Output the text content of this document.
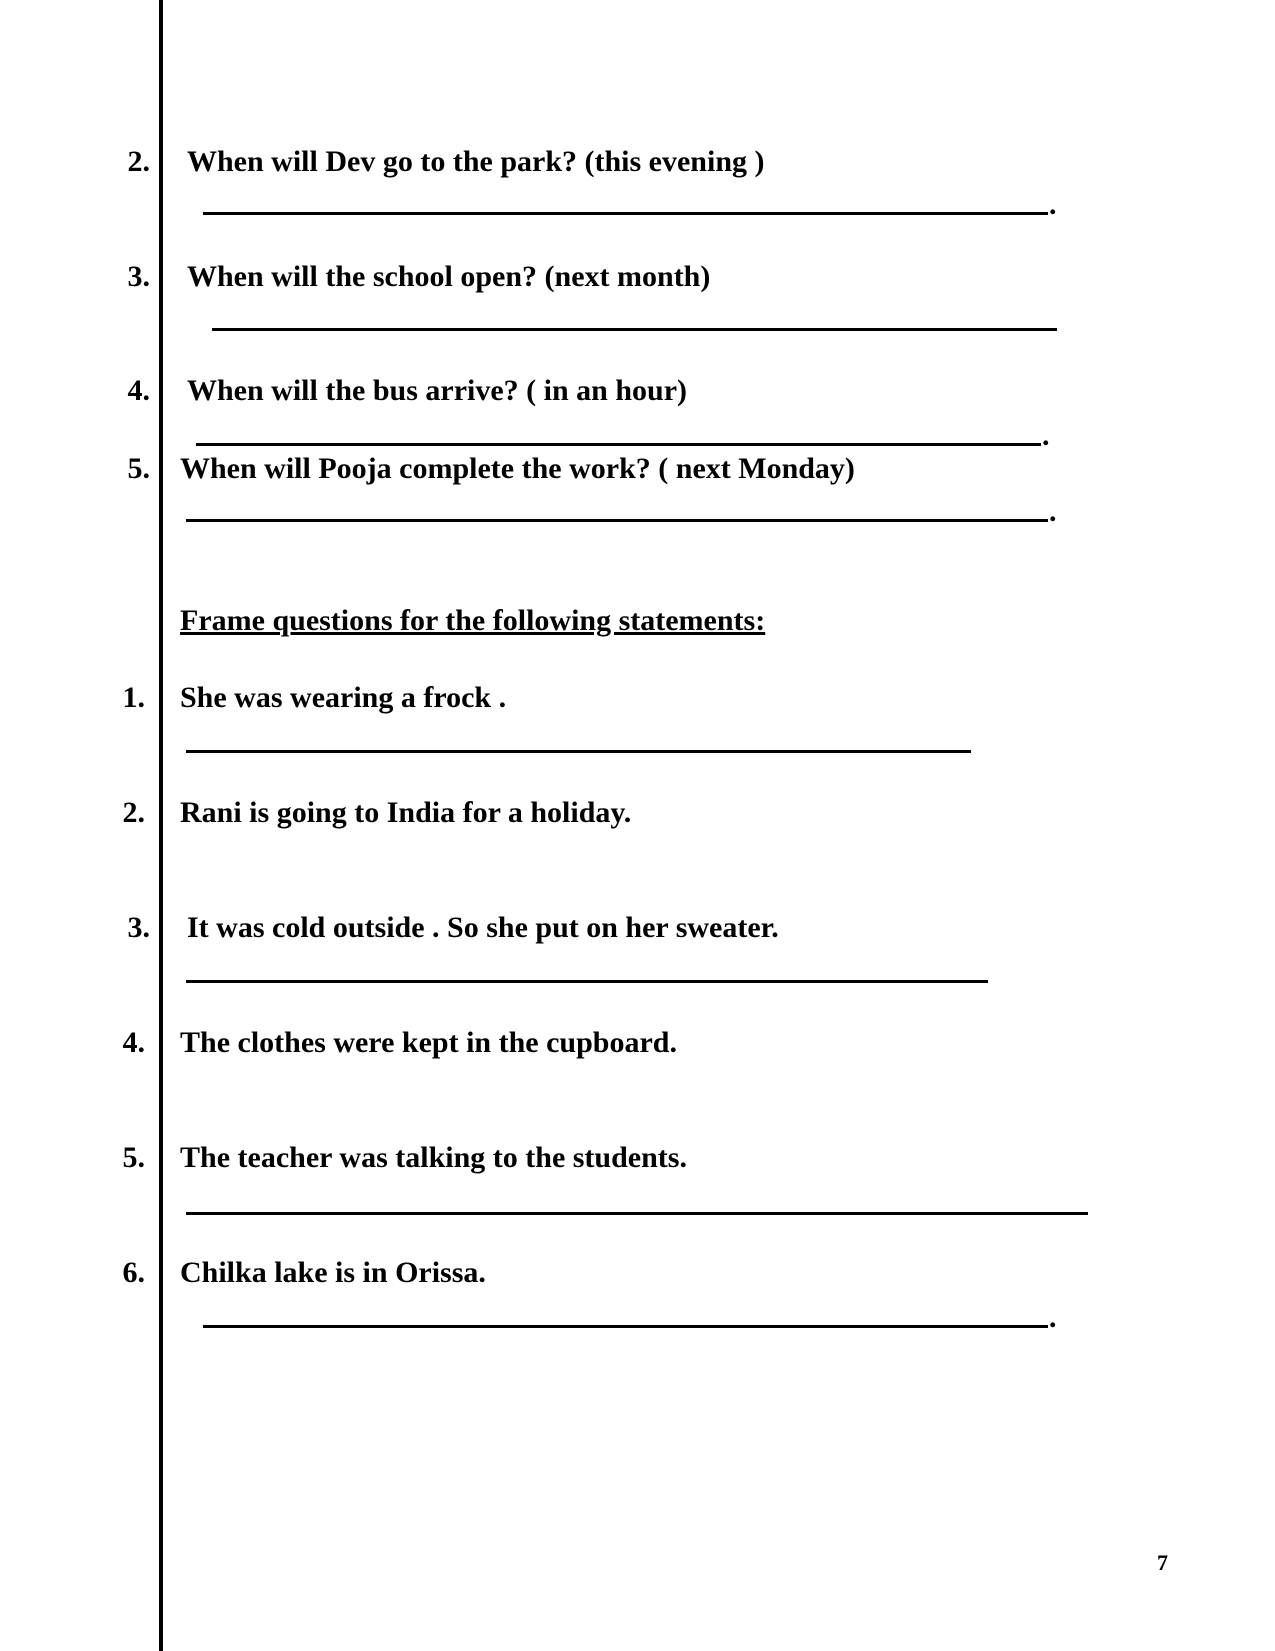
2. When will Dev go to the park? (this evening )
.
3. When will the school open? (next month)
4. When will the bus arrive? ( in an hour)
.
5. When will Pooja complete the work? ( next Monday)
.
Frame questions for the following statements:
1. She was wearing a frock .
2. Rani is going to India for a holiday.
3. It was cold outside . So she put on her sweater.
4. The clothes were kept in the cupboard.
5. The teacher was talking to the students.
6. Chilka lake is in Orissa.
.
7
